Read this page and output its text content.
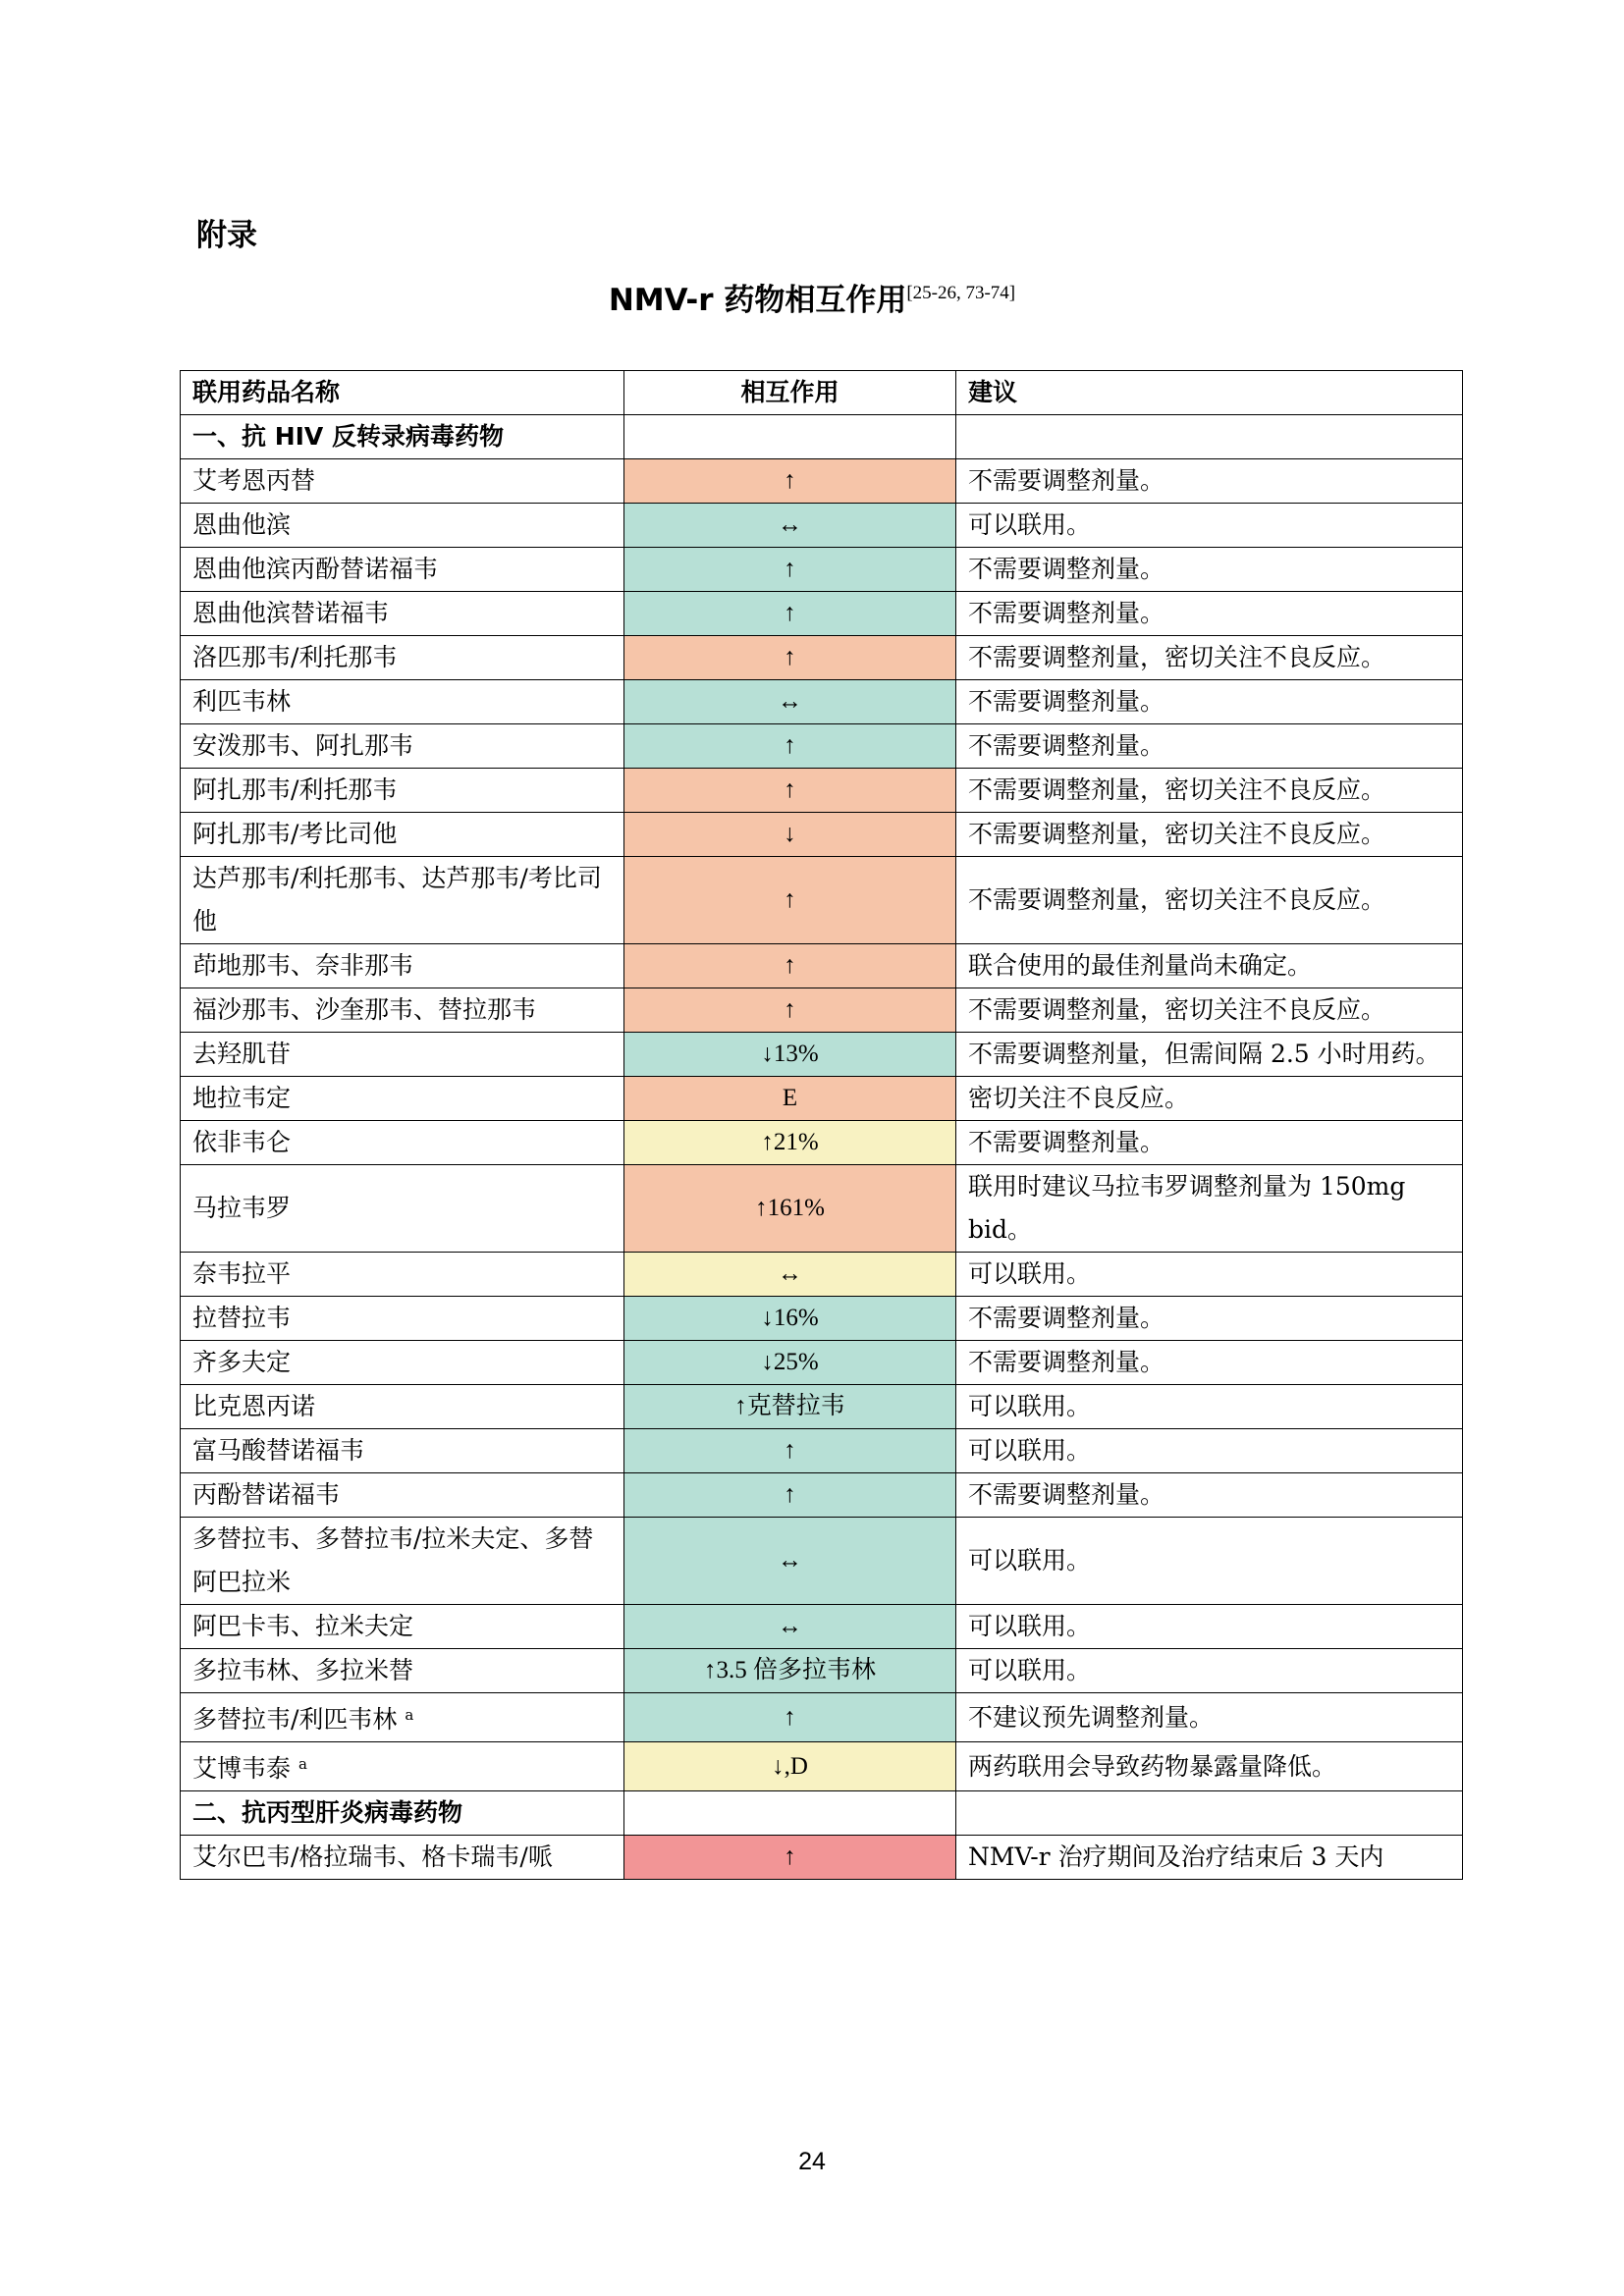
附录
NMV-r 药物相互作用[25-26, 73-74]
联用药品名称	相互作用	建议
一、抗 HIV 反转录病毒药物		
艾考恩丙替	↑	不需要调整剂量。
恩曲他滨	↔	可以联用。
恩曲他滨丙酚替诺福韦	↑	不需要调整剂量。
恩曲他滨替诺福韦	↑	不需要调整剂量。
洛匹那韦/利托那韦	↑	不需要调整剂量，密切关注不良反应。
利匹韦林	↔	不需要调整剂量。
安泼那韦、阿扎那韦	↑	不需要调整剂量。
阿扎那韦/利托那韦	↑	不需要调整剂量，密切关注不良反应。
阿扎那韦/考比司他	↓	不需要调整剂量，密切关注不良反应。
达芦那韦/利托那韦、达芦那韦/考比司他	↑	不需要调整剂量，密切关注不良反应。
茚地那韦、奈非那韦	↑	联合使用的最佳剂量尚未确定。
福沙那韦、沙奎那韦、替拉那韦	↑	不需要调整剂量，密切关注不良反应。
去羟肌苷	↓13%	不需要调整剂量，但需间隔 2.5 小时用药。
地拉韦定	E	密切关注不良反应。
依非韦仑	↑21%	不需要调整剂量。
马拉韦罗	↑161%	联用时建议马拉韦罗调整剂量为 150mg bid。
奈韦拉平	↔	可以联用。
拉替拉韦	↓16%	不需要调整剂量。
齐多夫定	↓25%	不需要调整剂量。
比克恩丙诺	↑克替拉韦	可以联用。
富马酸替诺福韦	↑	可以联用。
丙酚替诺福韦	↑	不需要调整剂量。
多替拉韦、多替拉韦/拉米夫定、多替阿巴拉米	↔	可以联用。
阿巴卡韦、拉米夫定	↔	可以联用。
多拉韦林、多拉米替	↑3.5 倍多拉韦林	可以联用。
多替拉韦/利匹韦林 $^a$	↑	不建议预先调整剂量。
艾博韦泰 $^a$	↓,D	两药联用会导致药物暴露量降低。
二、抗丙型肝炎病毒药物		
艾尔巴韦/格拉瑞韦、格卡瑞韦/哌	↑	NMV-r 治疗期间及治疗结束后 3 天内
24
